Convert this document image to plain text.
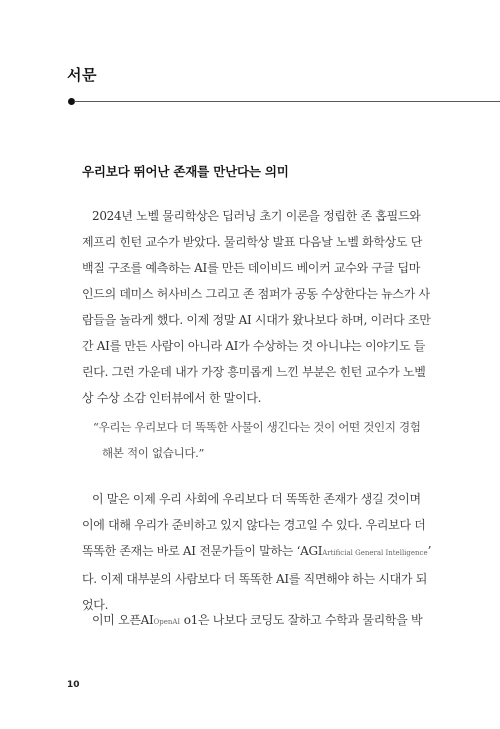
서문
우리보다 뛰어난 존재를 만난다는 의미
2024년 노벨 물리학상은 딥러닝 초기 이론을 정립한 존 홉필드와
제프리 힌턴 교수가 받았다. 물리학상 발표 다음날 노벨 화학상도 단
백질 구조를 예측하는 AI를 만든 데이비드 베이커 교수와 구글 딥마
인드의 데미스 허사비스 그리고 존 점퍼가 공동 수상한다는 뉴스가 사
람들을 놀라게 했다. 이제 정말 AI 시대가 왔나보다 하며, 이러다 조만
간 AI를 만든 사람이 아니라 AI가 수상하는 것 아니냐는 이야기도 들
린다. 그런 가운데 내가 가장 흥미롭게 느낀 부분은 힌턴 교수가 노벨
상 수상 소감 인터뷰에서 한 말이다.
“우리는 우리보다 더 똑똑한 사물이 생긴다는 것이 어떤 것인지 경험
해본 적이 없습니다.”
이 말은 이제 우리 사회에 우리보다 더 똑똑한 존재가 생길 것이며
이에 대해 우리가 준비하고 있지 않다는 경고일 수 있다. 우리보다 더
똑똑한 존재는 바로 AI 전문가들이 말하는 ‘AGIArtificial General Intelligence’
다. 이제 대부분의 사람보다 더 똑똑한 AI를 직면해야 하는 시대가 되
었다.
이미 오픈AIOpenAI o1은 나보다 코딩도 잘하고 수학과 물리학을 박
10
